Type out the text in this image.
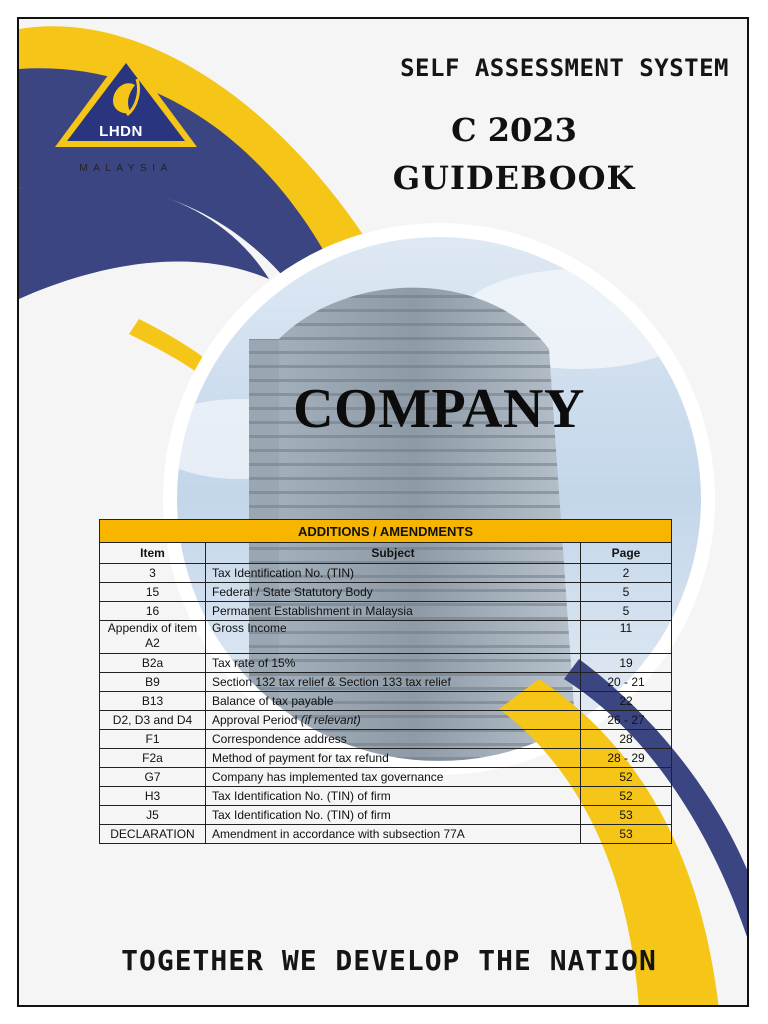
LHDN
MALAYSIA
SELF ASSESSMENT SYSTEM
C 2023
GUIDEBOOK
COMPANY
ADDITIONS / AMENDMENTS		
Item	Subject	Page
3	Tax Identification No. (TIN)	2
15	Federal / State Statutory Body	5
16	Permanent Establishment in Malaysia	5
Appendix of item A2	Gross Income	11
B2a	Tax rate of 15%	19
B9	Section 132 tax relief & Section 133 tax relief	20 - 21
B13	Balance of tax payable	22
D2, D3 and D4	Approval Period (if relevant)	26 - 27
F1	Correspondence address	28
F2a	Method of payment for tax refund	28 - 29
G7	Company has implemented tax governance	52
H3	Tax Identification No. (TIN) of firm	52
J5	Tax Identification No. (TIN) of firm	53
DECLARATION	Amendment in accordance with subsection 77A	53
TOGETHER WE DEVELOP THE NATION
